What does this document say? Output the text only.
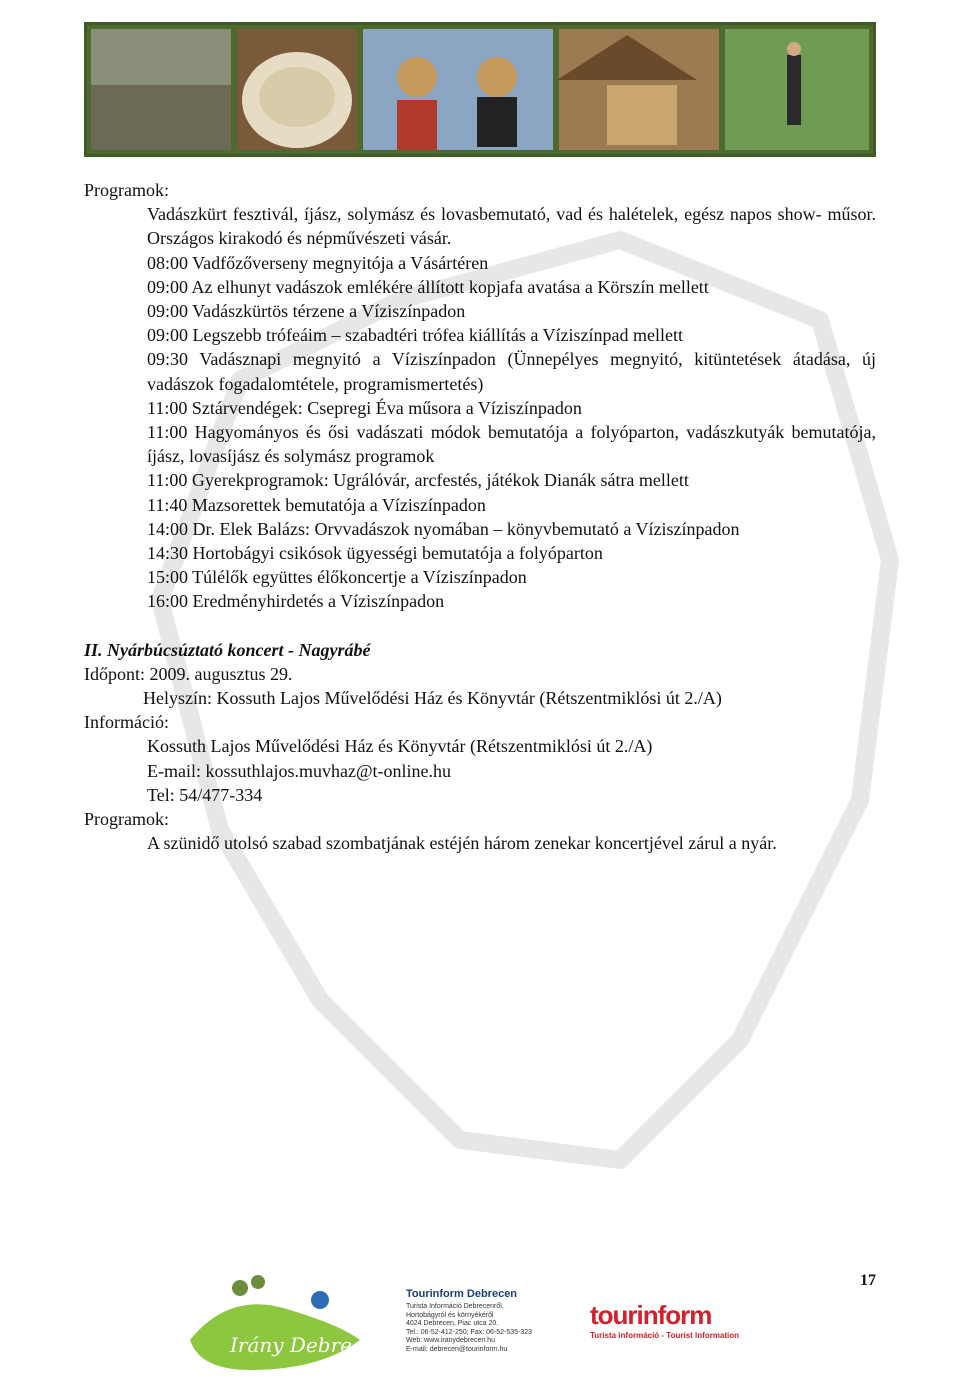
Programok:
Vadászkürt fesztivál, íjász, solymász és lovasbemutató, vad és halételek, egész napos show- műsor. Országos kirakodó és népművészeti vásár.
08:00 Vadfőzőverseny megnyitója a Vásártéren
09:00 Az elhunyt vadászok emlékére állított kopjafa avatása a Körszín mellett
09:00 Vadászkürtös térzene a Víziszínpadon
09:00 Legszebb trófeáim – szabadtéri trófea kiállítás a Víziszínpad mellett
09:30 Vadásznapi megnyitó a Víziszínpadon (Ünnepélyes megnyitó, kitüntetések átadása, új vadászok fogadalomtétele, programismertetés)
11:00 Sztárvendégek: Csepregi Éva műsora a Víziszínpadon
11:00 Hagyományos és ősi vadászati módok bemutatója a folyóparton, vadászkutyák bemutatója, íjász, lovasíjász és solymász programok
11:00 Gyerekprogramok: Ugrálóvár, arcfestés, játékok Dianák sátra mellett
11:40 Mazsorettek bemutatója a Víziszínpadon
14:00 Dr. Elek Balázs: Orvvadászok nyomában – könyvbemutató a Víziszínpadon
14:30 Hortobágyi csikósok ügyességi bemutatója a folyóparton
15:00 Túlélők együttes élőkoncertje a Víziszínpadon
16:00 Eredményhirdetés a Víziszínpadon
II. Nyárbúcsúztató koncert - Nagyrábé
Időpont: 2009. augusztus 29.
Helyszín: Kossuth Lajos Művelődési Ház és Könyvtár (Rétszentmiklósi út 2./A)
Információ:
Kossuth Lajos Művelődési Ház és Könyvtár (Rétszentmiklósi út 2./A)
E-mail: kossuthlajos.muvhaz@t-online.hu
Tel: 54/477-334
Programok:
A szünidő utolsó szabad szombatjának estéjén három zenekar koncertjével zárul a nyár.
17
Irány Debrecen
Tourinform Debrecen
Turista Információ Debrecenről,
Hortobágyról és környékéről
4024 Debrecen, Piac utca 20.
Tel.: 06-52-412-250; Fax: 06-52-535-323
Web: www.iranydebrecen.hu
E-mail: debrecen@tourinform.hu
tourinform
Turista információ - Tourist Information
